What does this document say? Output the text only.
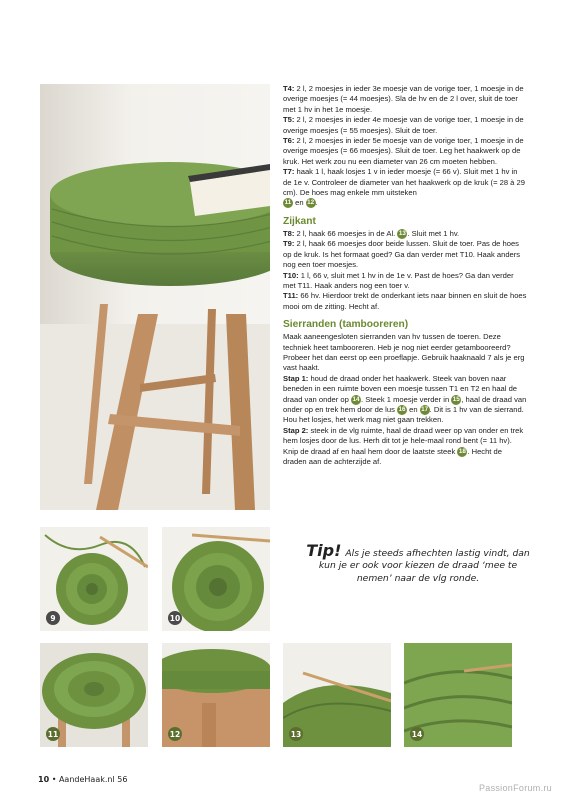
T4: 2 l, 2 moesjes in ieder 3e moesje van de vorige toer, 1 moesje in de overige moesjes (= 44 moesjes). Sla de hv en de 2 l over, sluit de toer met 1 hv in het 1e moesje.

T5: 2 l, 2 moesjes in ieder 4e moesje van de vorige toer, 1 moesje in de overige moesjes (= 55 moesjes). Sluit de toer.

T6: 2 l, 2 moesjes in ieder 5e moesje van de vorige toer, 1 moesje in de overige moesjes (= 66 moesjes). Sluit de toer. Leg het haakwerk op de kruk. Het werk zou nu een diameter van 26 cm moeten hebben.

T7: haak 1 l, haak losjes 1 v in ieder moesje (= 66 v). Sluit met 1 hv in de 1e v. Controleer de diameter van het haakwerk op de kruk (= 28 à 29 cm). De hoes mag enkele mm uitsteken
11 en 12 .

Zijkant

T8: 2 l, haak 66 moesjes in de Al. 13 . Sluit met 1 hv.

T9: 2 l, haak 66 moesjes door beide lussen. Sluit de toer. Pas de hoes op de kruk. Is het formaat goed? Ga dan verder met T10. Haak anders nog een toer moesjes.

T10: 1 l, 66 v, sluit met 1 hv in de 1e v. Past de hoes? Ga dan verder met T11. Haak anders nog een toer v.

T11: 66 hv. Hierdoor trekt de onderkant iets naar binnen en sluit de hoes mooi om de zitting. Hecht af.

Sierranden (tambooreren)

Maak aaneengesloten sierranden van hv tussen de toeren. Deze techniek heet tambooreren. Heb je nog niet eerder getambooreerd? Probeer het dan eerst op een proeflapje. Gebruik haaknaald 7 als je erg vast haakt.

Stap 1: houd de draad onder het haakwerk. Steek van boven naar beneden in een ruimte boven een moesje tussen T1 en T2 en haal de draad van onder op 14 . Steek 1 moesje verder in 15 , haal de draad van onder op en trek hem door de lus 16 en 17 . Dit is 1 hv van de sierrand. Hou het losjes, het werk mag niet gaan trekken.

Stap 2: steek in de vlg ruimte, haal de draad weer op van onder en trek hem losjes door de lus. Herh dit tot je hele-maal rond bent (= 11 hv). Knip de draad af en haal hem door de laatste steek 18 . Hecht de draden aan de achterzijde af.

9	10
Tip! Als je steeds afhechten lastig vindt, dan kun je er ook voor kiezen de draad ‘mee te nemen’ naar de vlg ronde.
11	12	13	14
10 • AandeHaak.nl 56
PassionForum.ru
